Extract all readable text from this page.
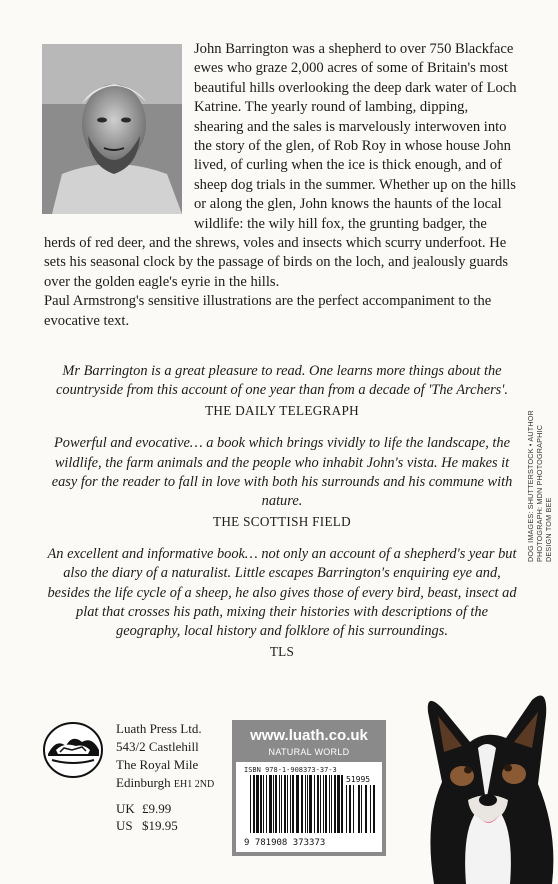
John Barrington was a shepherd to over 750 Blackface ewes who graze 2,000 acres of some of Britain's most beautiful hills overlooking the deep dark water of Loch Katrine. The yearly round of lambing, dipping, shearing and the sales is marvelously interwoven into the story of the glen, of Rob Roy in whose house John lived, of curling when the ice is thick enough, and of sheep dog trials in the summer. Whether up on the hills or along the glen, John knows the haunts of the local wildlife: the wily hill fox, the grunting badger, the herds of red deer, and the shrews, voles and insects which scurry underfoot. He sets his seasonal clock by the passage of birds on the loch, and jealously guards over the golden eagle's eyrie in the hills.
Paul Armstrong's sensitive illustrations are the perfect accompaniment to the evocative text.

Mr Barrington is a great pleasure to read. One learns more things about the countryside from this account of one year than from a decade of 'The Archers'.

THE DAILY TELEGRAPH

Powerful and evocative… a book which brings vividly to life the landscape, the wildlife, the farm animals and the people who inhabit John's vista. He makes it easy for the reader to fall in love with both his surrounds and his commune with nature.

THE SCOTTISH FIELD

An excellent and informative book… not only an account of a shepherd's year but also the diary of a naturalist. Little escapes Barrington's enquiring eye and, besides the life cycle of a sheep, he also gives those of every bird, beast, insect ad plat that crosses his path, mixing their histories with descriptions of the geography, local history and folklore of his surroundings.

TLS

DOG IMAGES: SHUTTERSTOCK • AUTHOR PHOTOGRAPH: MDN PHOTOGRAPHIC
DESIGN TOM BEE
Luath Press Ltd.
543/2 Castlehill
The Royal Mile
Edinburgh EH1 2ND
UK £9.99
US $19.95
www.luath.co.uk
NATURAL WORLD
ISBN 978-1-908373-37-3
9 781908 373373
51995
